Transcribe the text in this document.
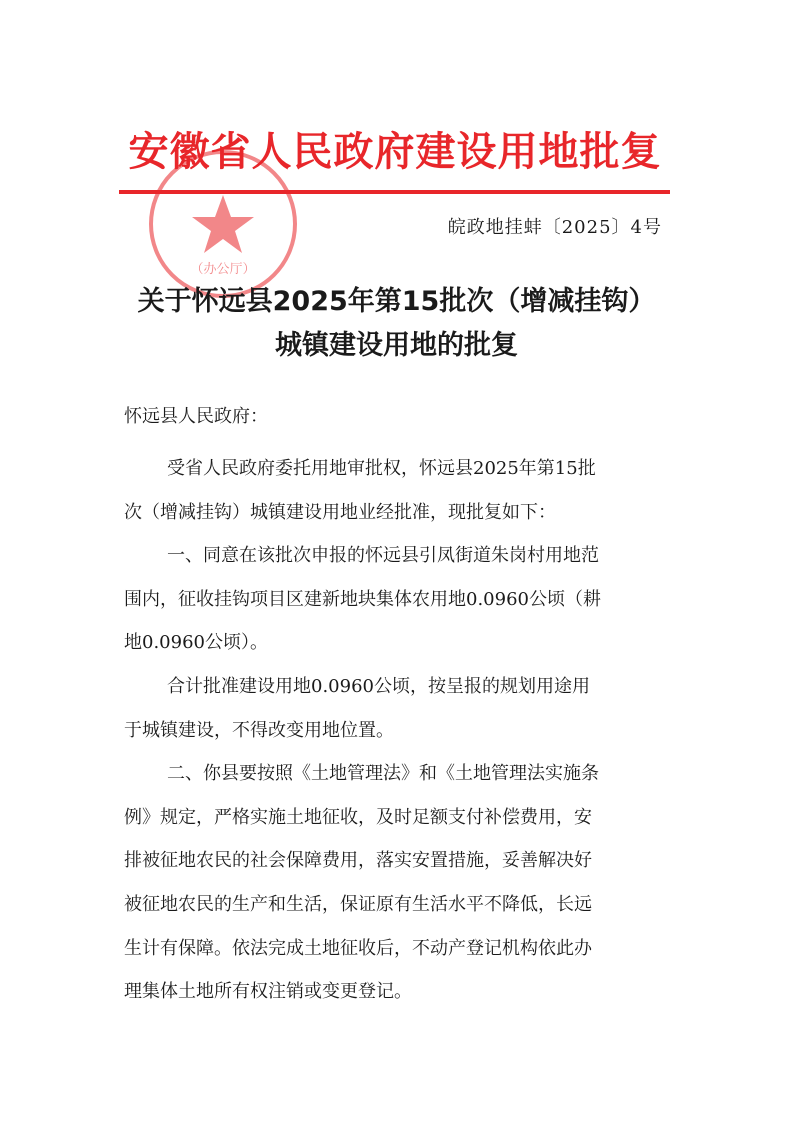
安徽省人民政府建设用地批复
（办公厅）
皖政地挂蚌〔2025〕4号
关于怀远县2025年第15批次（增减挂钩）
城镇建设用地的批复
怀远县人民政府：
受省人民政府委托用地审批权，怀远县2025年第15批
次（增减挂钩）城镇建设用地业经批准，现批复如下：
一、同意在该批次申报的怀远县引凤街道朱岗村用地范
围内，征收挂钩项目区建新地块集体农用地0.0960公顷（耕
地0.0960公顷）。
合计批准建设用地0.0960公顷，按呈报的规划用途用
于城镇建设，不得改变用地位置。
二、你县要按照《土地管理法》和《土地管理法实施条
例》规定，严格实施土地征收，及时足额支付补偿费用，安
排被征地农民的社会保障费用，落实安置措施，妥善解决好
被征地农民的生产和生活，保证原有生活水平不降低，长远
生计有保障。依法完成土地征收后，不动产登记机构依此办
理集体土地所有权注销或变更登记。
